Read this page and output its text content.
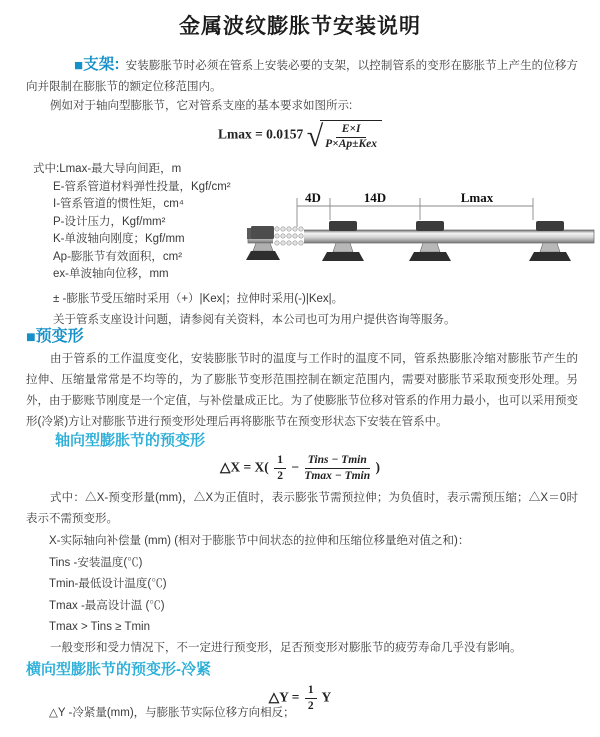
金属波纹膨胀节安装说明
■支架: 安装膨胀节时必须在管系上安装必要的支架，以控制管系的变形在膨胀节上产生的位移方向并限制在膨胀节的额定位移范围内。
例如对于轴向型膨胀节，它对管系支座的基本要求如图所示:
Lmax = 0.0157 √	E×I
P×Ap±Kex
式中:Lmax-最大导向间距，m
E-管系管道材料弹性投量，Kgf/cm²
I-管系管道的惯性矩，cm⁴
P-设计压力，Kgf/mm²
K-单波轴向刚度；Kgf/mm
Ap-膨胀节有效面积，cm²
ex-单波轴向位移，mm
± -膨胀节受压缩时采用（+）|Kex|；拉伸时采用(-)|Kex|。
关于管系支座设计问题，请参阅有关资料，本公司也可为用户提供咨询等服务。
4D	14D	Lmax
■预变形
由于管系的工作温度变化，安装膨胀节时的温度与工作时的温度不同，管系热膨胀冷缩对膨胀节产生的拉伸、压缩量常常是不均等的，为了膨胀节变形范围控制在额定范围内，需要对膨胀节采取预变形处理。另外，由于膨账节刚度是一个定值，与补偿量成正比。为了使膨胀节位移对管系的作用力最小，也可以采用预变形(冷紧)方让对膨胀节进行预变形处理后再将膨胀节在预变形状态下安装在管系中。
轴向型膨胀节的预变形
△X = $X( \frac{1}{2} - \frac{\text{Tins − Tmin}}{Tmax - Tmin}$ )
式中：△X-预变形量(mm)，△X为正值时，表示膨张节需预拉伸；为负值时，表示需预压缩；△X＝0时表示不需预变形。
X-实际轴向补偿量 (mm) (相对于膨胀节中间状态的拉伸和压缩位移量绝对值之和)：
Tins -安装温度(℃)
Tmin-最低设计温度(℃)
Tmax -最高设计温 (℃)
Tmax > Tins ≥ Tmin
一般变形和受力情况下，不一定进行预变形，足否预变形对膨胀节的疲劳寿命几乎没有影响。
横向型膨胀节的预变形-冷紧
△Y = $\frac{1}{2}$ Y
△Y -冷紧量(mm)，与膨胀节实际位移方向相反；
